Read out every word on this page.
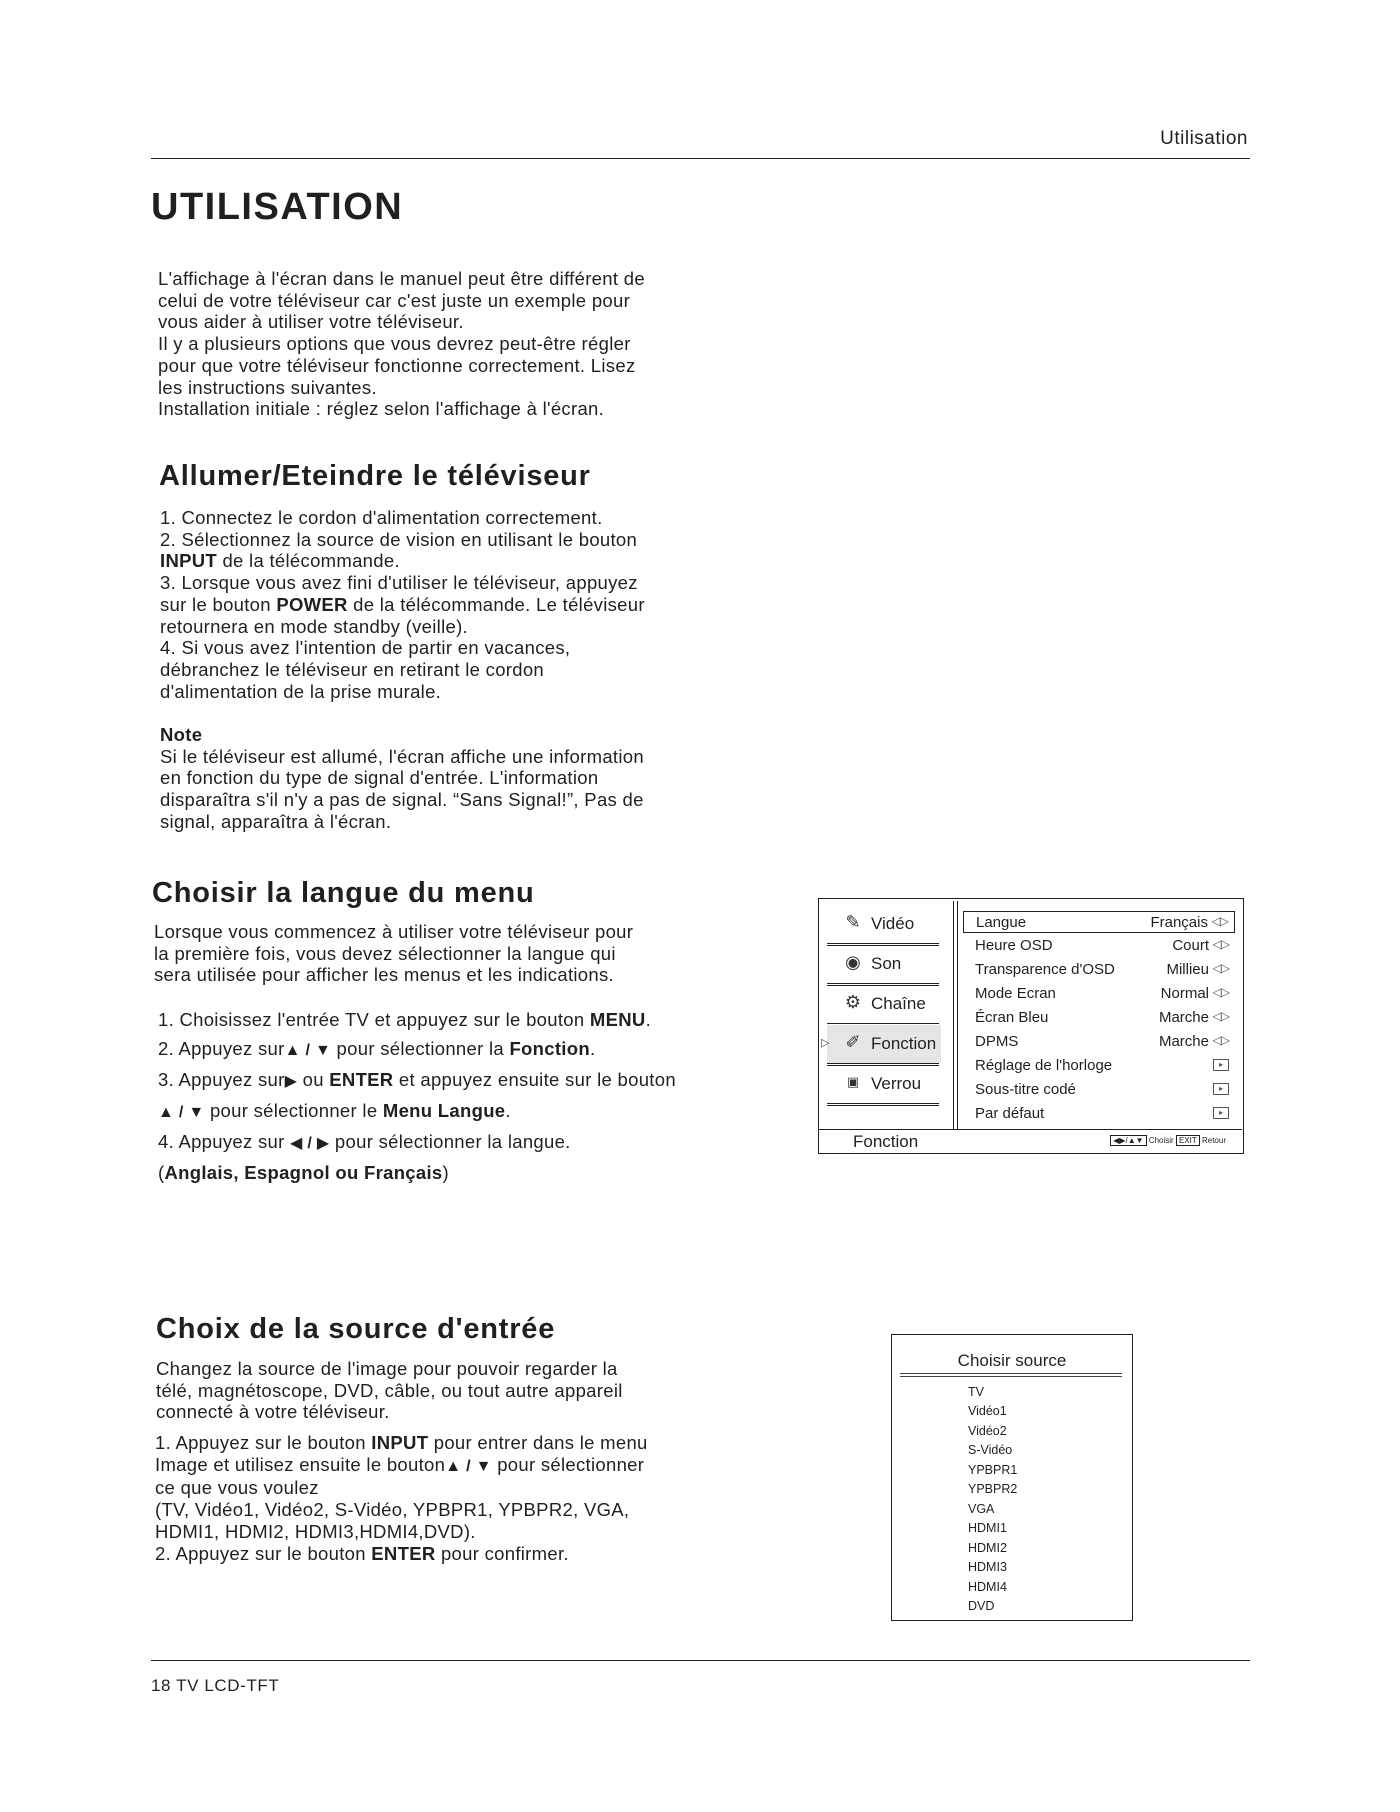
Utilisation
UTILISATION
L'affichage à l'écran dans le manuel peut être différent de
celui de votre téléviseur car c'est juste un exemple pour
vous aider à utiliser votre téléviseur.
Il y a plusieurs options que vous devrez peut-être régler
pour que votre téléviseur fonctionne correctement. Lisez
les instructions suivantes.
Installation initiale : réglez selon l'affichage à l'écran.
Allumer/Eteindre le téléviseur
1. Connectez le cordon d'alimentation correctement.
2. Sélectionnez la source de vision en utilisant le bouton
INPUT de la télécommande.
3. Lorsque vous avez fini d'utiliser le téléviseur, appuyez
sur le bouton POWER de la télécommande. Le téléviseur
retournera en mode standby (veille).
4. Si vous avez l'intention de partir en vacances,
débranchez le téléviseur en retirant le cordon
d'alimentation de la prise murale.
Note
Si le téléviseur est allumé, l'écran affiche une information
en fonction du type de signal d'entrée. L'information
disparaîtra s'il n'y a pas de signal. “Sans Signal!”, Pas de
signal, apparaîtra à l'écran.
Choisir la langue du menu
Lorsque vous commencez à utiliser votre téléviseur pour
la première fois, vous devez sélectionner la langue qui
sera utilisée pour afficher les menus et les indications.
1. Choisissez l'entrée TV et appuyez sur le bouton MENU.
2. Appuyez sur▲ / ▼ pour sélectionner la Fonction.
3. Appuyez sur▶ ou ENTER et appuyez ensuite sur le bouton
▲ / ▼ pour sélectionner le Menu Langue.
4. Appuyez sur ◀ / ▶ pour sélectionner la langue.
(Anglais, Espagnol ou Français)
✎ Vidéo
◉ Son
⚙ Chaîne
▷ ✐ Fonction
▣ Verrou
Langue	Français ◁▷
Heure OSD	Court ◁▷
Transparence d'OSD	Millieu ◁▷
Mode Ecran	Normal ◁▷
Écran Bleu	Marche ◁▷
DPMS	Marche ◁▷
Réglage de l'horloge	▸
Sous-titre codé	▸
Par défaut	▸
Fonction	◀▶/▲▼ Choisir EXIT Retour
Choix de la source d'entrée
Changez la source de l'image pour pouvoir regarder la
télé, magnétoscope, DVD, câble, ou tout autre appareil
connecté à votre téléviseur.
1. Appuyez sur le bouton INPUT pour entrer dans le menu
Image et utilisez ensuite le bouton▲ / ▼ pour sélectionner
ce que vous voulez
(TV, Vidéo1, Vidéo2, S-Vidéo, YPBPR1, YPBPR2, VGA,
HDMI1, HDMI2, HDMI3,HDMI4,DVD).
2. Appuyez sur le bouton ENTER pour confirmer.
Choisir source
TV
Vidéo1
Vidéo2
S-Vidéo
YPBPR1
YPBPR2
VGA
HDMI1
HDMI2
HDMI3
HDMI4
DVD
18 TV LCD-TFT
